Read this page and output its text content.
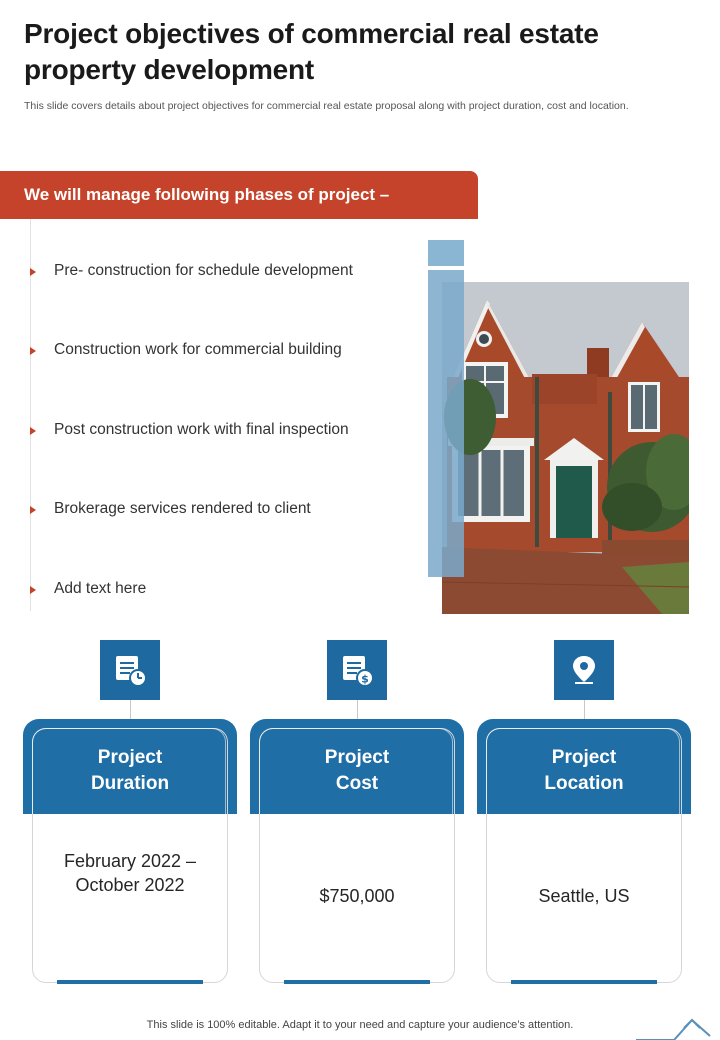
Project objectives of commercial real estate
property development
This slide covers details about project objectives for commercial real estate proposal along with project duration, cost and location.
We will manage following phases of project –
Pre- construction for schedule development
Construction work for commercial building
Post construction work with final inspection
Brokerage services rendered to client
Add text here
$
Project
Duration
February 2022 –
October 2022
Project
Cost
$750,000
Project
Location
Seattle, US
This slide is 100% editable. Adapt it to your need and capture your audience’s attention.
